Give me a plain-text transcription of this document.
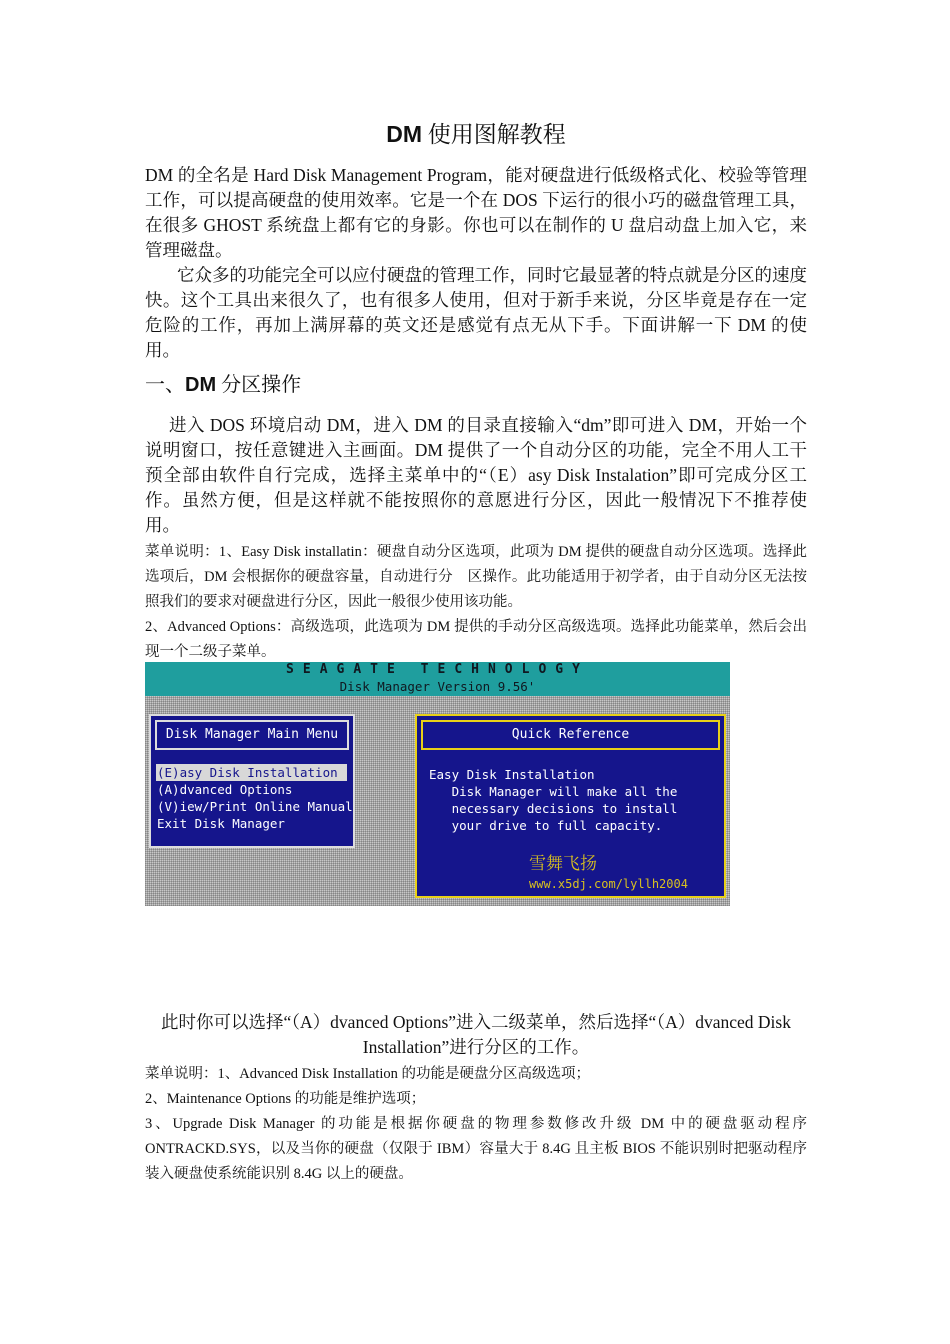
DM 使用图解教程
DM 的全名是 Hard Disk Management Program，能对硬盘进行低级格式化、校验等管理工作，可以提高硬盘的使用效率。它是一个在 DOS 下运行的很小巧的磁盘管理工具，在很多 GHOST 系统盘上都有它的身影。你也可以在制作的 U 盘启动盘上加入它，来管理磁盘。
它众多的功能完全可以应付硬盘的管理工作，同时它最显著的特点就是分区的速度快。这个工具出来很久了，也有很多人使用，但对于新手来说，分区毕竟是存在一定危险的工作，再加上满屏幕的英文还是感觉有点无从下手。下面讲解一下 DM 的使用。
一、DM 分区操作
进入 DOS 环境启动 DM，进入 DM 的目录直接输入“dm”即可进入 DM，开始一个说明窗口，按任意键进入主画面。DM 提供了一个自动分区的功能，完全不用人工干预全部由软件自行完成，选择主菜单中的“（E）asy Disk Instalation”即可完成分区工作。虽然方便，但是这样就不能按照你的意愿进行分区，因此一般情况下不推荐使用。
菜单说明：1、Easy Disk installatin：硬盘自动分区选项，此项为 DM 提供的硬盘自动分区选项。选择此选项后，DM 会根据你的硬盘容量，自动进行分　区操作。此功能适用于初学者，由于自动分区无法按照我们的要求对硬盘进行分区，因此一般很少使用该功能。
2、Advanced Options：高级选项，此选项为 DM 提供的手动分区高级选项。选择此功能菜单，然后会出现一个二级子菜单。
此时你可以选择“（A）dvanced Options”进入二级菜单，然后选择“（A）dvanced Disk Installation”进行分区的工作。
菜单说明：1、Advanced Disk Installation 的功能是硬盘分区高级选项；
2、Maintenance Options 的功能是维护选项；
3、Upgrade Disk Manager 的功能是根据你硬盘的物理参数修改升级 DM 中的硬盘驱动程序 ONTRACKD.SYS，以及当你的硬盘（仅限于 IBM）容量大于 8.4G 且主板 BIOS 不能识别时把驱动程序装入硬盘使系统能识别 8.4G 以上的硬盘。
SEAGATE TECHNOLOGY
Disk Manager Version 9.56'
Disk Manager Main Menu
(E)asy Disk Installation
(A)dvanced Options
(V)iew/Print Online Manual
Exit Disk Manager
Quick Reference
Easy Disk Installation
Disk Manager will make all the
necessary decisions to install
your drive to full capacity.
雪舞飞扬
www.x5dj.com/lyllh2004
